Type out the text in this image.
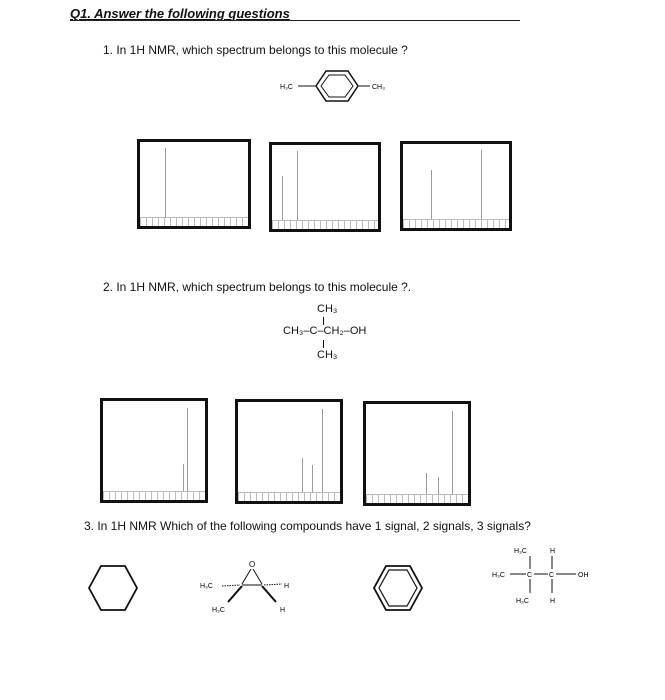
Q1. Answer the following questions
1. In 1H NMR, which spectrum belongs to this molecule ?
H₃C	CH₃
2. In 1H NMR, which spectrum belongs to this molecule ?.
CH₃
CH₃–C–CH₂–OH
CH₃
3. In 1H NMR Which of the following compounds have 1 signal, 2 signals, 3 signals?
O
H₃C
H₃C
H
H
H₃C	H
H₃C	C C	OH
H₃C	H
